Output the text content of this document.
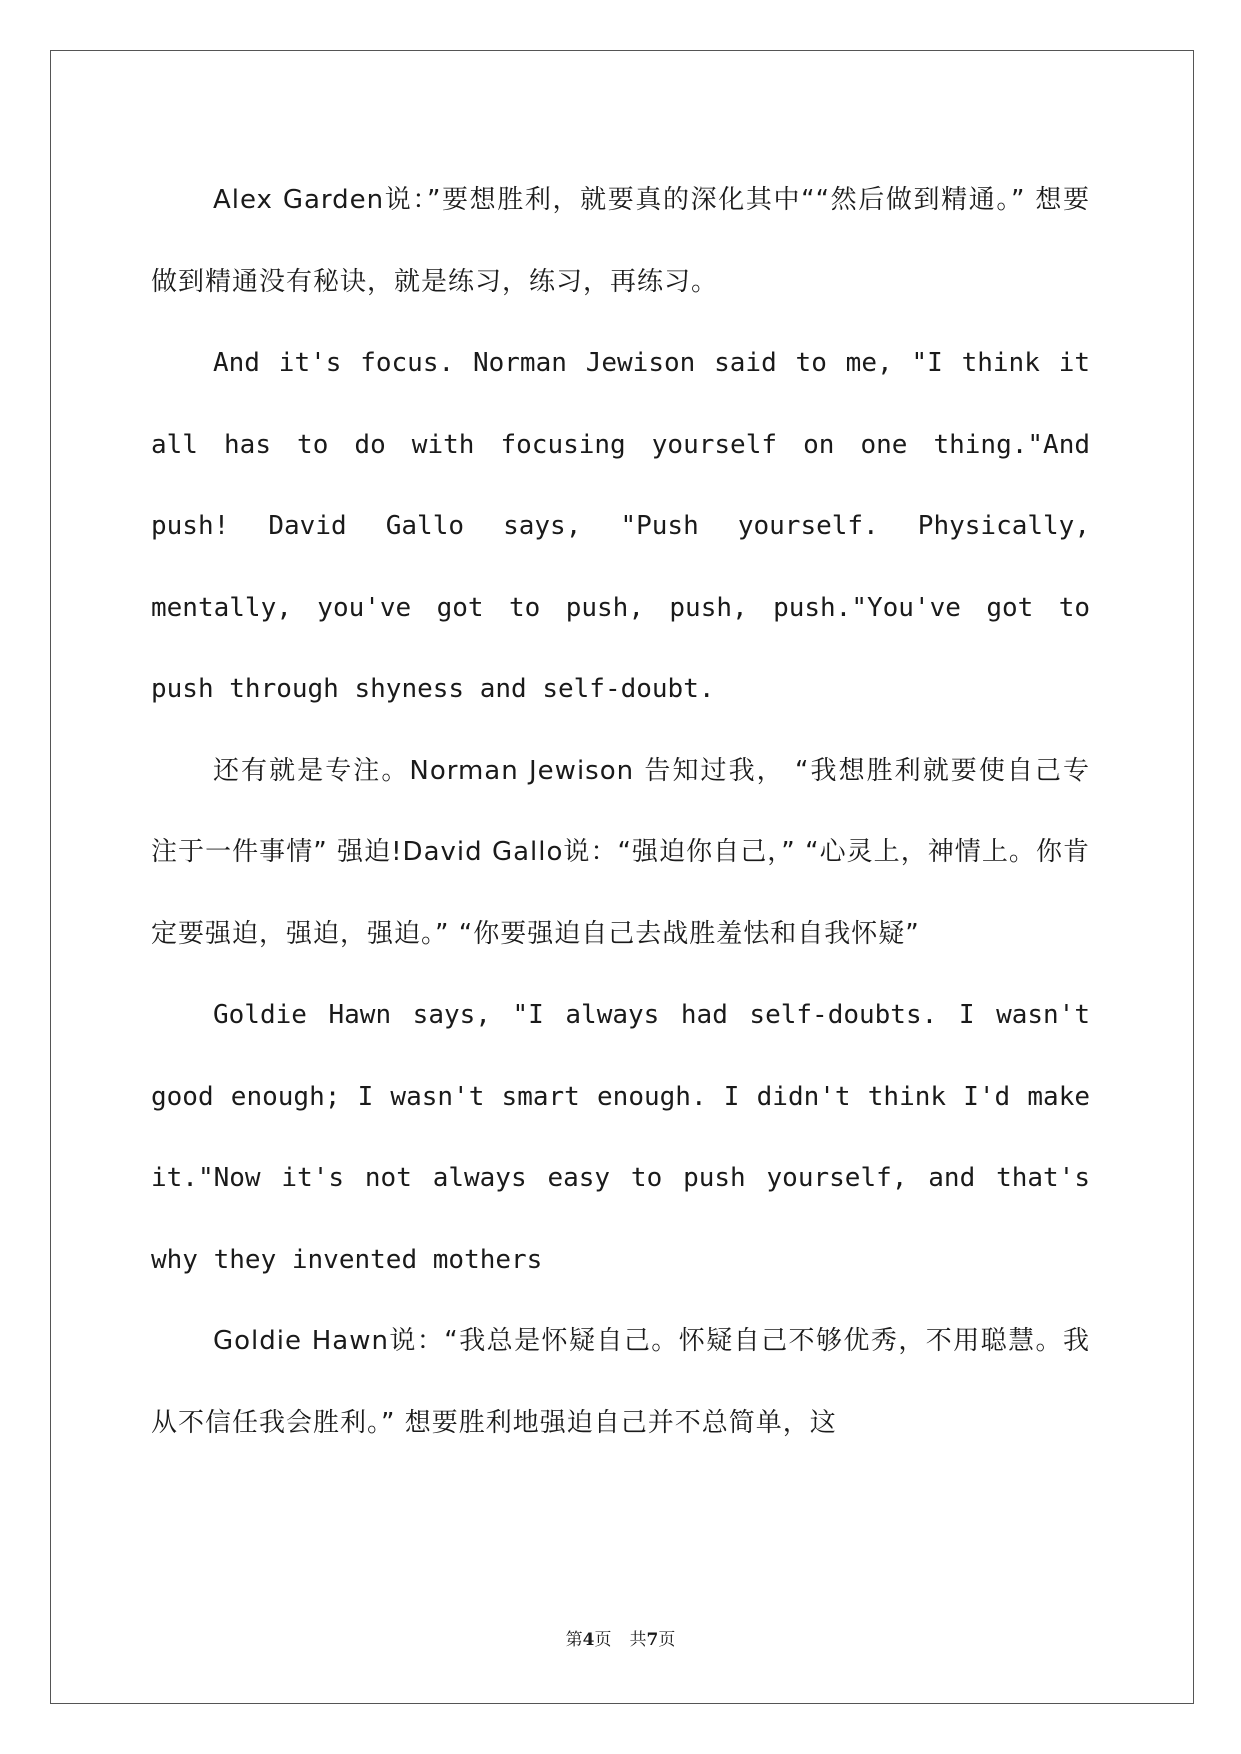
Alex Garden说：”要想胜利，就要真的深化其中““然后做到精通。” 想要做到精通没有秘诀，就是练习，练习，再练习。

And it's focus. Norman Jewison said to me, "I think it all has to do with focusing yourself on one thing."And push! David Gallo says, "Push yourself. Physically, mentally, you've got to push, push, push."You've got to push through shyness and self-doubt.

还有就是专注。Norman Jewison 告知过我， “我想胜利就要使自己专注于一件事情” 强迫!David Gallo说：“强迫你自己，” “心灵上，神情上。你肯定要强迫，强迫，强迫。” “你要强迫自己去战胜羞怯和自我怀疑”

Goldie Hawn says, "I always had self-doubts. I wasn't good enough; I wasn't smart enough. I didn't think I'd make it."Now it's not always easy to push yourself, and that's why they invented mothers

Goldie Hawn说：“我总是怀疑自己。怀疑自己不够优秀，不用聪慧。我从不信任我会胜利。” 想要胜利地强迫自己并不总简单，这

第4页 共7页
